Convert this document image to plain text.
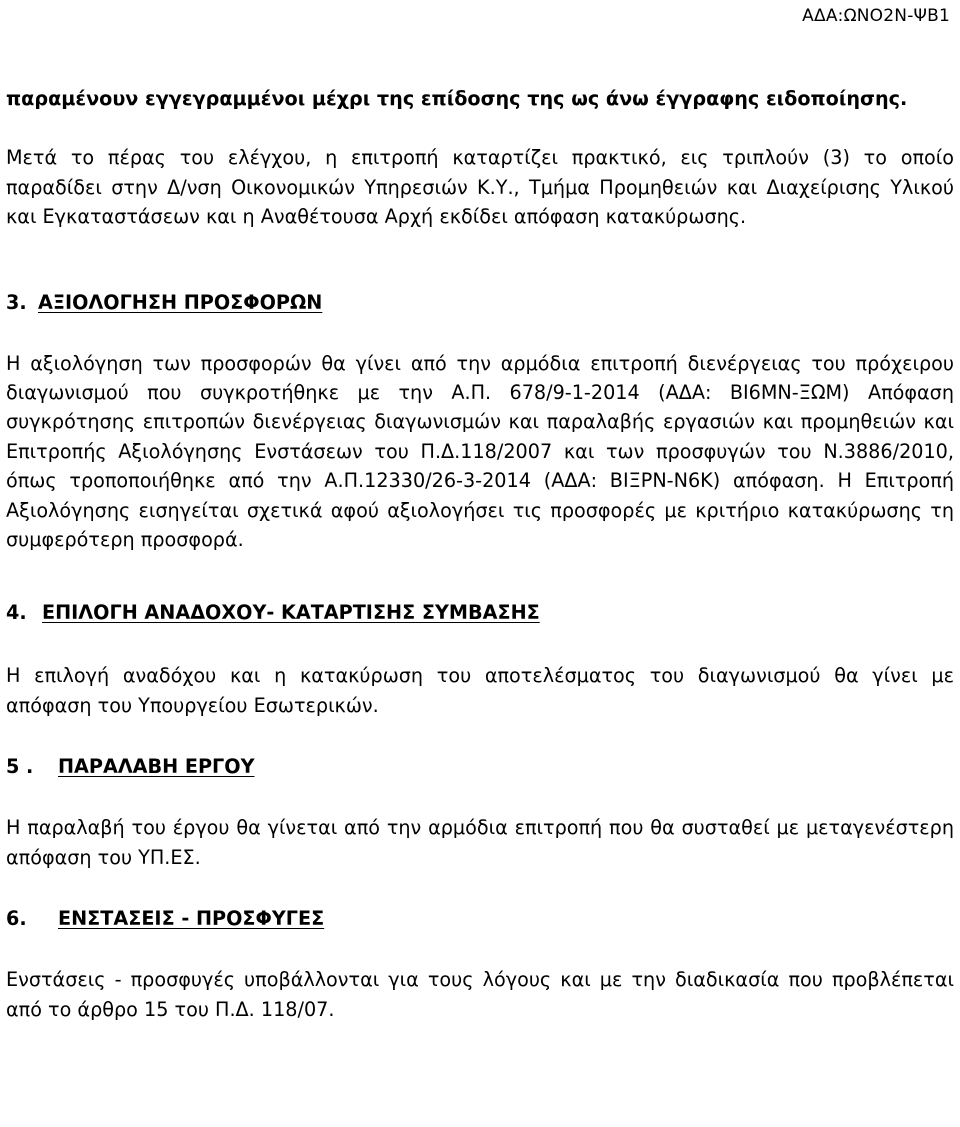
ΑΔΑ:ΩΝΟ2Ν-ΨΒ1

παραμένουν εγγεγραμμένοι μέχρι της επίδοσης της ως άνω έγγραφης ειδοποίησης.

Μετά το πέρας του ελέγχου, η επιτροπή καταρτίζει πρακτικό, εις τριπλούν (3) το οποίο παραδίδει στην Δ/νση Οικονομικών Υπηρεσιών Κ.Υ., Τμήμα Προμηθειών και Διαχείρισης Υλικού και Εγκαταστάσεων και η Αναθέτουσα Αρχή εκδίδει απόφαση κατακύρωσης.

3. ΑΞΙΟΛΟΓΗΣΗ ΠΡΟΣΦΟΡΩΝ

Η αξιολόγηση των προσφορών θα γίνει από την αρμόδια επιτροπή διενέργειας του πρόχειρου διαγωνισμού που συγκροτήθηκε με την Α.Π. 678/9-1-2014 (ΑΔΑ: ΒΙ6ΜΝ-ΞΩΜ) Απόφαση συγκρότησης επιτροπών διενέργειας διαγωνισμών και παραλαβής εργασιών και προμηθειών και Επιτροπής Αξιολόγησης Ενστάσεων του Π.Δ.118/2007 και των προσφυγών του Ν.3886/2010, όπως τροποποιήθηκε από την Α.Π.12330/26-3-2014 (ΑΔΑ: ΒΙΞΡΝ-Ν6Κ) απόφαση. Η Επιτροπή Αξιολόγησης εισηγείται σχετικά αφού αξιολογήσει τις προσφορές με κριτήριο κατακύρωσης τη συμφερότερη προσφορά.

4. ΕΠΙΛΟΓΗ ΑΝΑΔΟΧΟΥ- ΚΑΤΑΡΤΙΣΗΣ ΣΥΜΒΑΣΗΣ

Η επιλογή αναδόχου και η κατακύρωση του αποτελέσματος του διαγωνισμού θα γίνει με απόφαση του Υπουργείου Εσωτερικών.

5 .	ΠΑΡΑΛΑΒΗ ΕΡΓΟΥ

Η παραλαβή του έργου θα γίνεται από την αρμόδια επιτροπή που θα συσταθεί με μεταγενέστερη απόφαση του ΥΠ.ΕΣ.

6.	ΕΝΣΤΑΣΕΙΣ - ΠΡΟΣΦΥΓΕΣ

Ενστάσεις - προσφυγές υποβάλλονται για τους λόγους και με την διαδικασία που προβλέπεται από το άρθρο 15 του Π.Δ. 118/07.
